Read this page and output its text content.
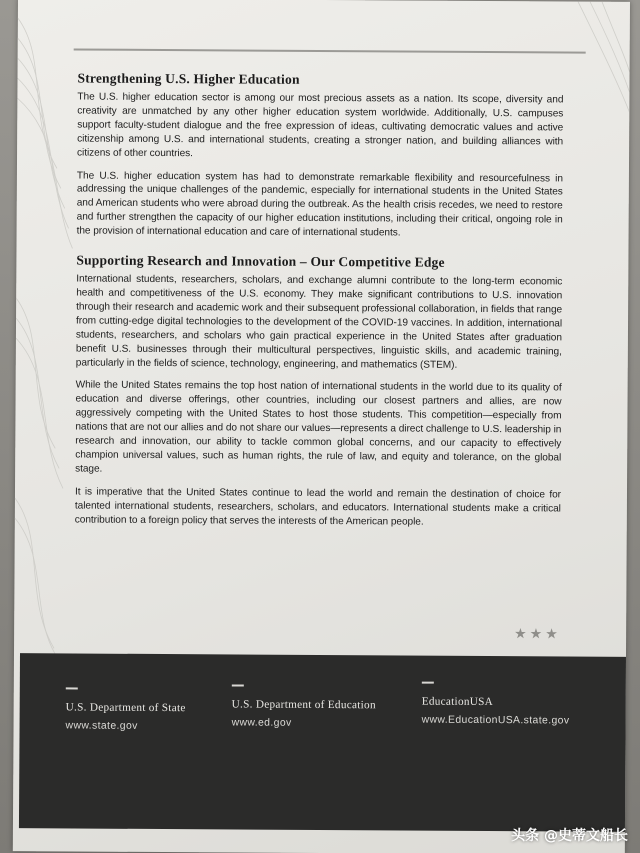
Strengthening U.S. Higher Education

The U.S. higher education sector is among our most precious assets as a nation. Its scope, diversity and creativity are unmatched by any other higher education system worldwide. Additionally, U.S. campuses support faculty-student dialogue and the free expression of ideas, cultivating democratic values and active citizenship among U.S. and international students, creating a stronger nation, and building alliances with citizens of other countries.

The U.S. higher education system has had to demonstrate remarkable flexibility and resourcefulness in addressing the unique challenges of the pandemic, especially for international students in the United States and American students who were abroad during the outbreak. As the health crisis recedes, we need to restore and further strengthen the capacity of our higher education institutions, including their critical, ongoing role in the provision of international education and care of international students.

Supporting Research and Innovation – Our Competitive Edge

International students, researchers, scholars, and exchange alumni contribute to the long-term economic health and competitiveness of the U.S. economy. They make significant contributions to U.S. innovation through their research and academic work and their subsequent professional collaboration, in fields that range from cutting-edge digital technologies to the development of the COVID-19 vaccines. In addition, international students, researchers, and scholars who gain practical experience in the United States after graduation benefit U.S. businesses through their multicultural perspectives, linguistic skills, and academic training, particularly in the fields of science, technology, engineering, and mathematics (STEM).

While the United States remains the top host nation of international students in the world due to its quality of education and diverse offerings, other countries, including our closest partners and allies, are now aggressively competing with the United States to host those students. This competition—especially from nations that are not our allies and do not share our values—represents a direct challenge to U.S. leadership in research and innovation, our ability to tackle common global concerns, and our capacity to effectively champion universal values, such as human rights, the rule of law, and equity and tolerance, on the global stage.

It is imperative that the United States continue to lead the world and remain the destination of choice for talented international students, researchers, scholars, and educators. International students make a critical contribution to a foreign policy that serves the interests of the American people.

★★★
U.S. Department of State
www.state.gov
U.S. Department of Education
www.ed.gov
EducationUSA
www.EducationUSA.state.gov
头条 @史蒂文船长
